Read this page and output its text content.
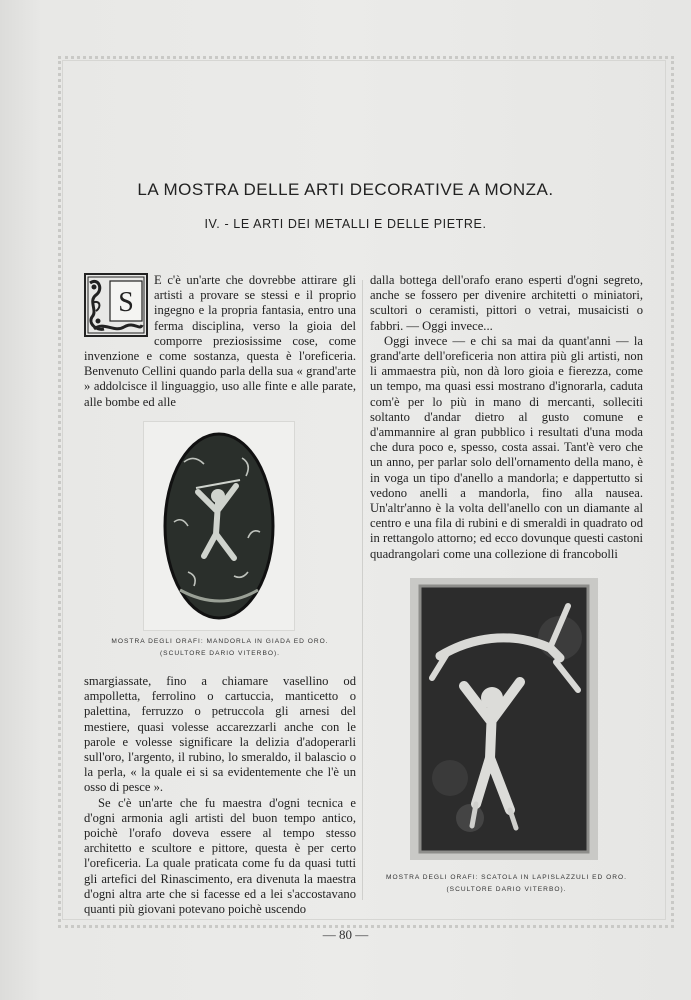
LA MOSTRA DELLE ARTI DECORATIVE A MONZA.
IV. - LE ARTI DEI METALLI E DELLE PIETRE.
S

E c'è un'arte che dovrebbe attirare gli artisti a provare se stessi e il proprio ingegno e la propria fantasia, entro una ferma disciplina, verso la gioia del comporre preziosissime cose, come invenzione e come sostanza, questa è l'oreficeria. Benvenuto Cellini quando parla della sua « grand'arte » addolcisce il linguaggio, uso alle finte e alle parate, alle bombe ed alle

MOSTRA DEGLI ORAFI: MANDORLA IN GIADA ED ORO.
(SCULTORE DARIO VITERBO).

smargiassate, fino a chiamare vasellino od ampolletta, ferrolino o cartuccia, manticetto o palettina, ferruzzo o petruccola gli arnesi del mestiere, quasi volesse accarezzarli anche con le parole e volesse significare la delizia d'adoperarli sull'oro, l'argento, il rubino, lo smeraldo, il balascio o la perla, « la quale ei si sa evidentemente che l'è un osso di pesce ».

Se c'è un'arte che fu maestra d'ogni tecnica e d'ogni armonia agli artisti del buon tempo antico, poichè l'orafo doveva essere al tempo stesso architetto e scultore e pittore, questa è per certo l'oreficeria. La quale praticata come fu da quasi tutti gli artefici del Rinascimento, era divenuta la maestra d'ogni altra arte che si facesse ed a lei s'accostavano quanti più giovani potevano poichè uscendo

dalla bottega dell'orafo erano esperti d'ogni segreto, anche se fossero per divenire architetti o miniatori, scultori o ceramisti, pittori o vetrai, musaicisti o fabbri. — Oggi invece...

Oggi invece — e chi sa mai da quant'anni — la grand'arte dell'oreficeria non attira più gli artisti, non li ammaestra più, non dà loro gioia e fierezza, come un tempo, ma quasi essi mostrano d'ignorarla, caduta com'è per lo più in mano di mercanti, solleciti soltanto d'andar dietro al gusto comune e d'ammannire al gran pubblico i resultati d'una moda che dura poco e, spesso, costa assai. Tant'è vero che un anno, per parlar solo dell'ornamento della mano, è in voga un tipo d'anello a mandorla; e dappertutto si vedono anelli a mandorla, fino alla nausea. Un'altr'anno è la volta dell'anello con un diamante al centro e una fila di rubini e di smeraldi in quadrato od in rettangolo attorno; ed ecco dovunque questi castoni quadrangolari come una collezione di francobolli

MOSTRA DEGLI ORAFI: SCATOLA IN LAPISLAZZULI ED ORO.
(SCULTORE DARIO VITERBO).
— 80 —
